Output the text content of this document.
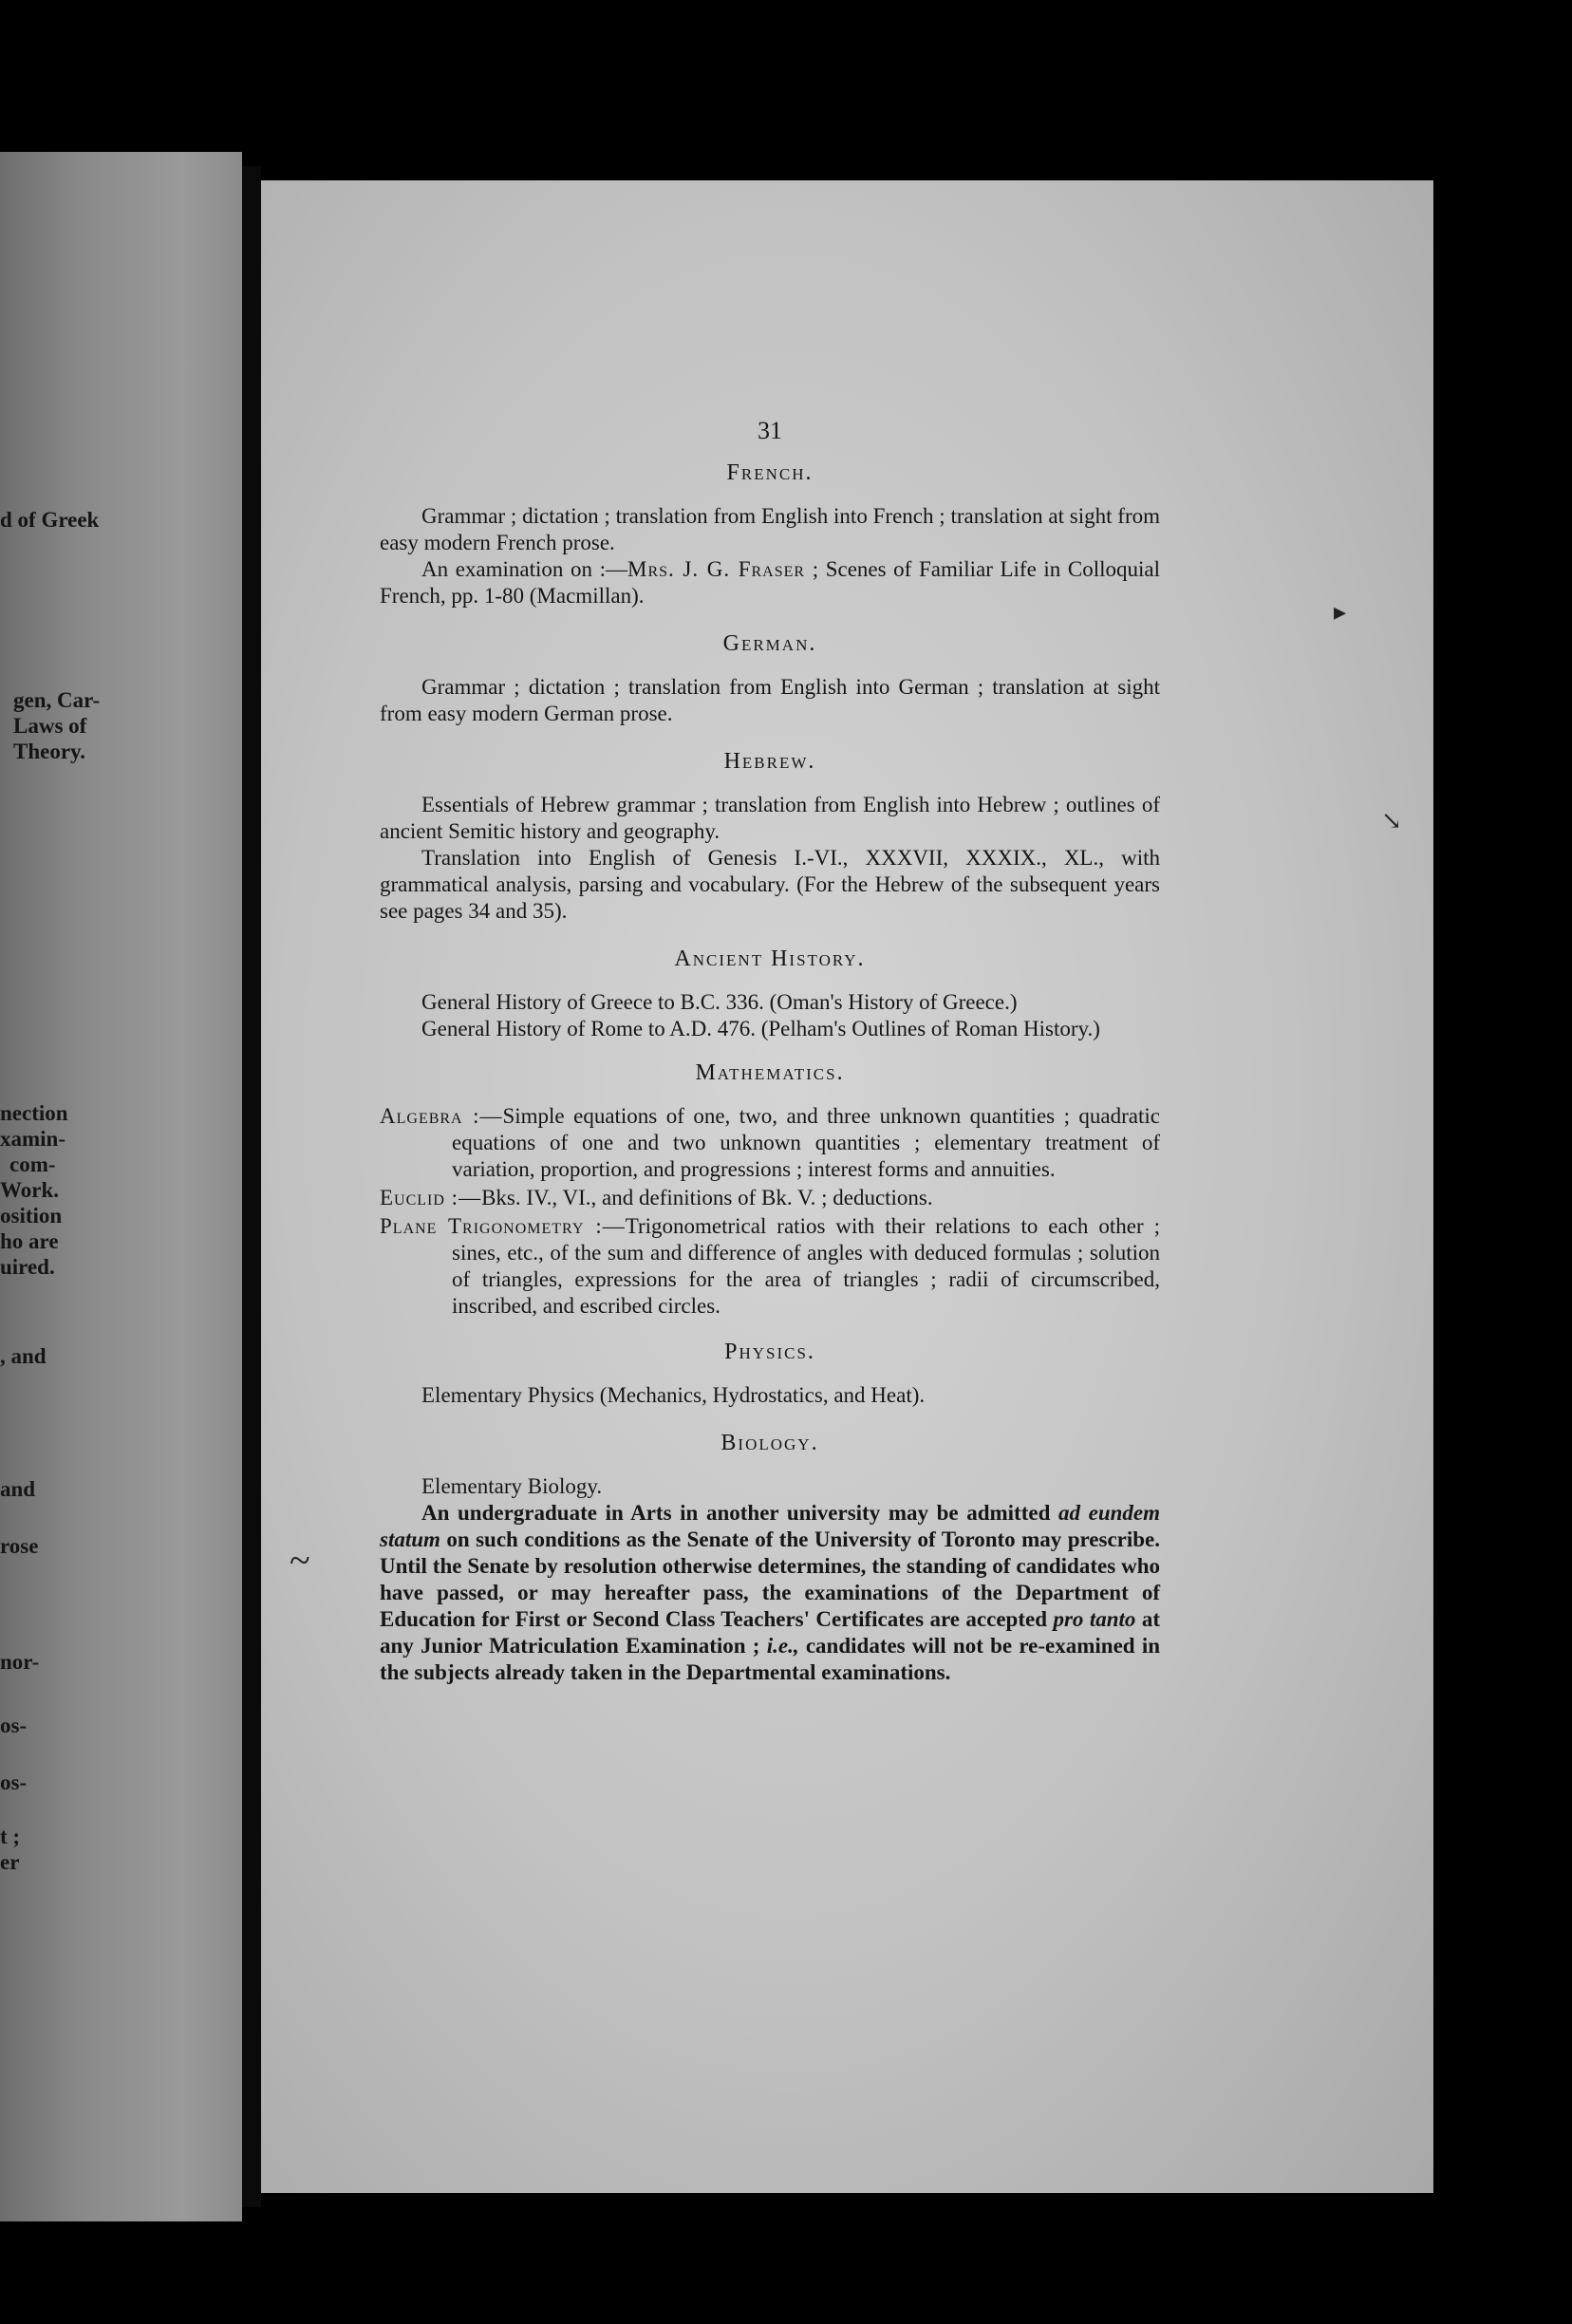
d of Greek
gen, Car-
Laws of
Theory.
nection
xamin-
com-
Work.
osition
ho are
uired.
, and
and
rose
nor-
os-
os-
t ;
er
▸
↘
~
31
French.

Grammar ; dictation ; translation from English into French ; translation at sight from easy modern French prose.

An examination on :—Mrs. J. G. Fraser ; Scenes of Familiar Life in Colloquial French, pp. 1-80 (Macmillan).

German.

Grammar ; dictation ; translation from English into German ; translation at sight from easy modern German prose.

Hebrew.

Essentials of Hebrew grammar ; translation from English into Hebrew ; outlines of ancient Semitic history and geography.

Translation into English of Genesis I.-VI., XXXVII, XXXIX., XL., with grammatical analysis, parsing and vocabulary. (For the Hebrew of the subsequent years see pages 34 and 35).

Ancient History.

General History of Greece to B.C. 336. (Oman's History of Greece.)

General History of Rome to A.D. 476. (Pelham's Outlines of Roman History.)

Mathematics.

Algebra :—Simple equations of one, two, and three unknown quantities ; quadratic equations of one and two unknown quantities ; elementary treatment of variation, proportion, and progressions ; interest forms and annuities.

Euclid :—Bks. IV., VI., and definitions of Bk. V. ; deductions.

Plane Trigonometry :—Trigonometrical ratios with their relations to each other ; sines, etc., of the sum and difference of angles with deduced formulas ; solution of triangles, expressions for the area of triangles ; radii of circumscribed, inscribed, and escribed circles.

Physics.

Elementary Physics (Mechanics, Hydrostatics, and Heat).

Biology.

Elementary Biology.

An undergraduate in Arts in another university may be admitted ad eundem statum on such conditions as the Senate of the University of Toronto may prescribe. Until the Senate by resolution otherwise determines, the standing of candidates who have passed, or may hereafter pass, the examinations of the Department of Education for First or Second Class Teachers' Certificates are accepted pro tanto at any Junior Matriculation Examination ; i.e., candidates will not be re-examined in the subjects already taken in the Departmental examinations.
